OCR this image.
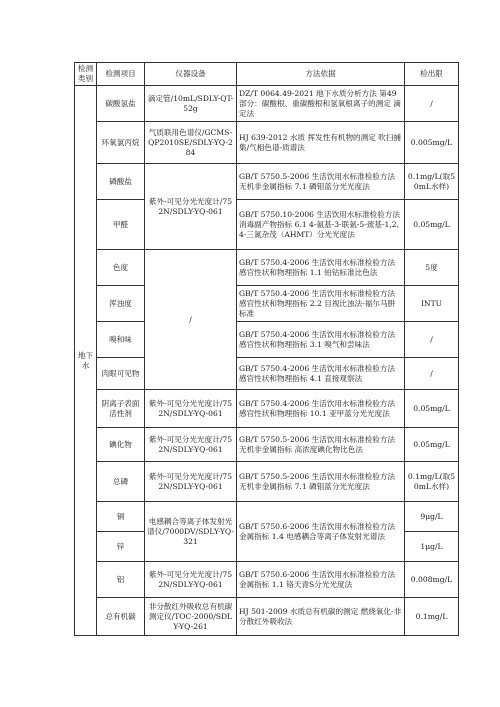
检测类别	检测项目	仪器设备	方法依据	检出限
地下水	碳酸氢盐	滴定管/10mL/SDLY-QT-52g	DZ/T 0064.49-2021 地下水质分析方法 第49部分：碳酸根、重碳酸根和氢氧根离子的测定 滴定法	/
	环氧氯丙烷	气质联用色谱仪/GCMS-QP2010SE/SDLY-YQ-284	HJ 639-2012 水质 挥发性有机物的测定 吹扫捕集/气相色谱-质谱法	0.005mg/L
	磷酸盐	紫外-可见分光光度计/752N/SDLY-YQ-061	GB/T 5750.5-2006 生活饮用水标准检验方法 无机非金属指标 7.1 磷钼蓝分光光度法	0.1mg/L(取50mL水样)
	甲醛		GB/T 5750.10-2006 生活饮用水标准检验方法 消毒副产物指标 6.1 4-氨基-3-联氨-5-巯基-1,2,4-三氮杂茂（AHMT）分光光度法	0.05mg/L
	色度	/	GB/T 5750.4-2006 生活饮用水标准检验方法 感官性状和物理指标 1.1 铂钴标准比色法	5度
	浑浊度		GB/T 5750.4-2006 生活饮用水标准检验方法 感官性状和物理指标 2.2 目视比浊法-福尔马肼标准	INTU
	嗅和味		GB/T 5750.4-2006 生活饮用水标准检验方法 感官性状和物理指标 3.1 嗅气和尝味法	/
	肉眼可见物		GB/T 5750.4-2006 生活饮用水标准检验方法 感官性状和物理指标 4.1 直接观察法	/
	阴离子表面活性剂	紫外-可见分光光度计/752N/SDLY-YQ-061	GB/T 5750.4-2006 生活饮用水标准检验方法 感官性状和物理指标 10.1 亚甲蓝分光光度法	0.05mg/L
	碘化物	紫外-可见分光光度计/752N/SDLY-YQ-061	GB/T 5750.5-2006 生活饮用水标准检验方法 无机非金属指标 高浓度碘化物比色法	0.05mg/L
	总磷	紫外-可见分光光度计/752N/SDLY-YQ-061	GB/T 5750.5-2006 生活饮用水标准检验方法 无机非金属指标 7.1 磷钼蓝分光光度法	0.1mg/L(取50mL水样)
	铜	电感耦合等离子体发射光谱仪/7000DV/SDLY-YQ-321	GB/T 5750.6-2006 生活饮用水标准检验方法 金属指标 1.4 电感耦合等离子体发射光谱法	9μg/L
	锌			1μg/L
	铝	紫外-可见分光光度计/752N/SDLY-YQ-061	GB/T 5750.6-2006 生活饮用水标准检验方法 金属指标 1.1 铬天青S分光光度法	0.008mg/L
	总有机碳	非分散红外吸收总有机碳测定仪/TOC-2000/SDLY-YQ-261	HJ 501-2009 水质总有机碳的测定 燃烧氧化-非分散红外吸收法	0.1mg/L
